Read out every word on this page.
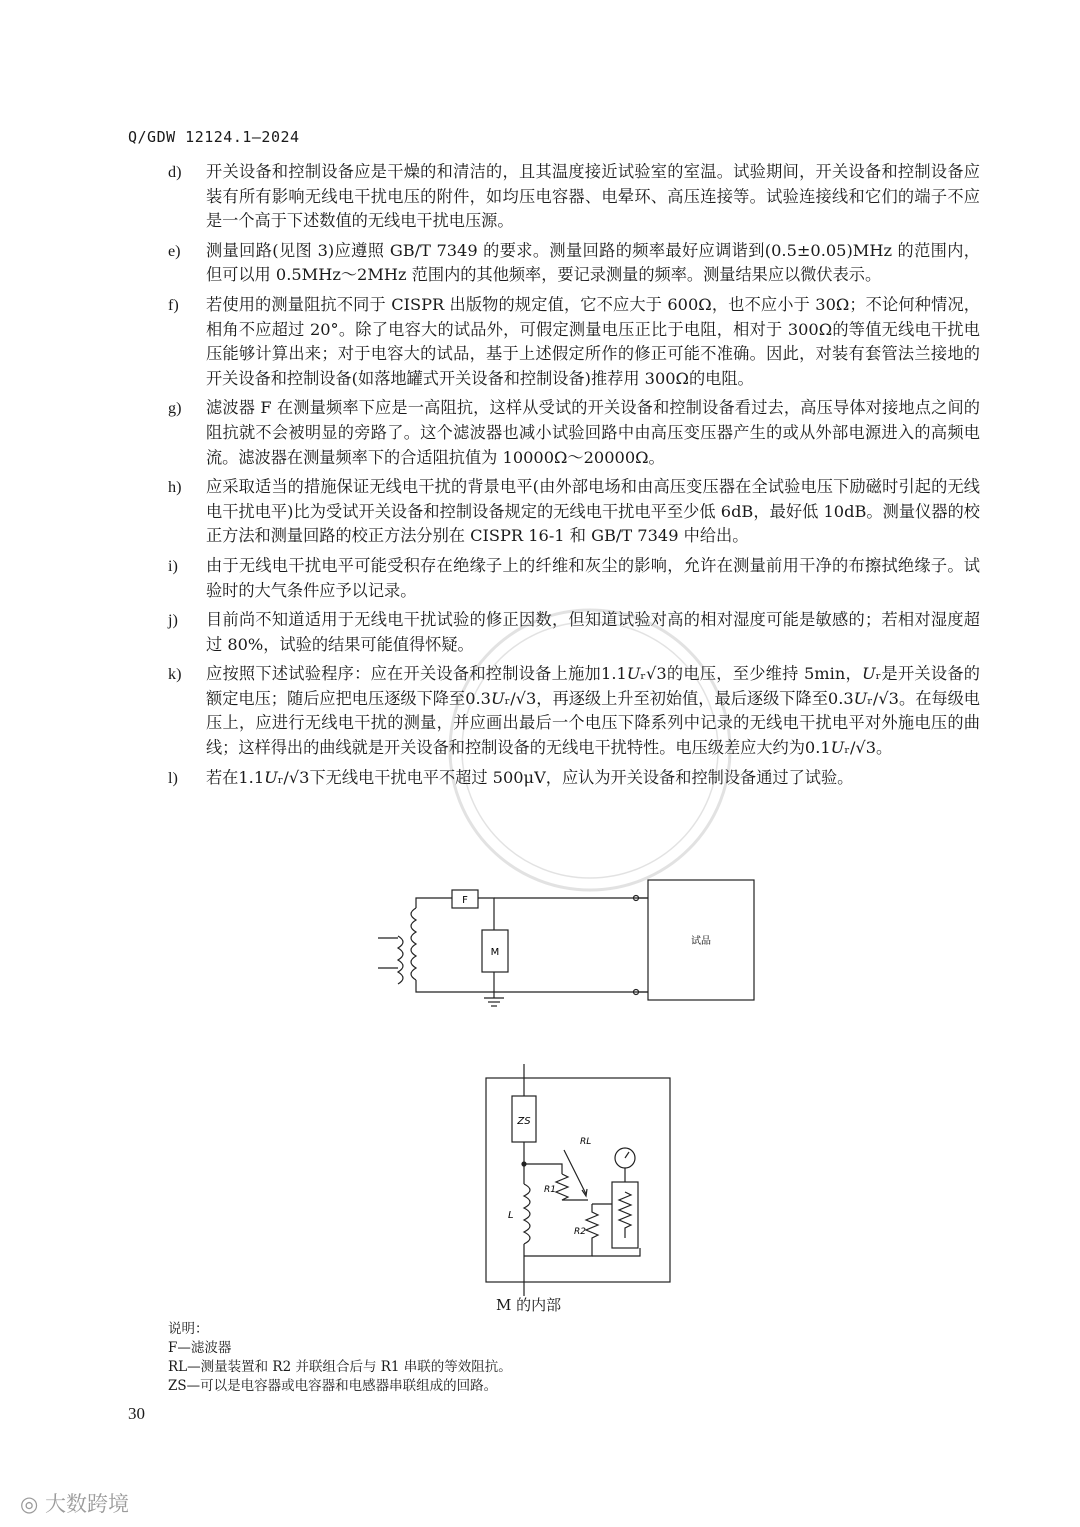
Q/GDW 12124.1—2024
d) 开关设备和控制设备应是干燥的和清洁的，且其温度接近试验室的室温。试验期间，开关设备和控制设备应装有所有影响无线电干扰电压的附件，如均压电容器、电晕环、高压连接等。试验连接线和它们的端子不应是一个高于下述数值的无线电干扰电压源。
e) 测量回路(见图 3)应遵照 GB/T 7349 的要求。测量回路的频率最好应调谐到(0.5±0.05)MHz 的范围内，但可以用 0.5MHz～2MHz 范围内的其他频率，要记录测量的频率。测量结果应以微伏表示。
f) 若使用的测量阻抗不同于 CISPR 出版物的规定值，它不应大于 600Ω，也不应小于 30Ω；不论何种情况，相角不应超过 20°。除了电容大的试品外，可假定测量电压正比于电阻，相对于 300Ω的等值无线电干扰电压能够计算出来；对于电容大的试品，基于上述假定所作的修正可能不准确。因此，对装有套管法兰接地的开关设备和控制设备(如落地罐式开关设备和控制设备)推荐用 300Ω的电阻。
g) 滤波器 F 在测量频率下应是一高阻抗，这样从受试的开关设备和控制设备看过去，高压导体对接地点之间的阻抗就不会被明显的旁路了。这个滤波器也减小试验回路中由高压变压器产生的或从外部电源进入的高频电流。滤波器在测量频率下的合适阻抗值为 10000Ω～20000Ω。
h) 应采取适当的措施保证无线电干扰的背景电平(由外部电场和由高压变压器在全试验电压下励磁时引起的无线电干扰电平)比为受试开关设备和控制设备规定的无线电干扰电平至少低 6dB，最好低 10dB。测量仪器的校正方法和测量回路的校正方法分别在 CISPR 16-1 和 GB/T 7349 中给出。
i) 由于无线电干扰电平可能受积存在绝缘子上的纤维和灰尘的影响，允许在测量前用干净的布擦拭绝缘子。试验时的大气条件应予以记录。
j) 目前尚不知道适用于无线电干扰试验的修正因数，但知道试验对高的相对湿度可能是敏感的；若相对湿度超过 80%，试验的结果可能值得怀疑。
k) 应按照下述试验程序：应在开关设备和控制设备上施加1.1𝑈ᵣ√3的电压，至少维持 5min，𝑈ᵣ是开关设备的额定电压；随后应把电压逐级下降至0.3𝑈ᵣ/√3，再逐级上升至初始值，最后逐级下降至0.3𝑈ᵣ/√3。在每级电压上，应进行无线电干扰的测量，并应画出最后一个电压下降系列中记录的无线电干扰电平对外施电压的曲线；这样得出的曲线就是开关设备和控制设备的无线电干扰特性。电压级差应大约为0.1𝑈ᵣ/√3。
l) 若在1.1𝑈ᵣ/√3下无线电干扰电平不超过 500μV，应认为开关设备和控制设备通过了试验。
F
M
试品
ZS
RL
R1
R2
L
M 的内部
说明：
F—滤波器
RL—测量装置和 R2 并联组合后与 R1 串联的等效阻抗。
ZS—可以是电容器或电容器和电感器串联组成的回路。
30
◎ 大数跨境
